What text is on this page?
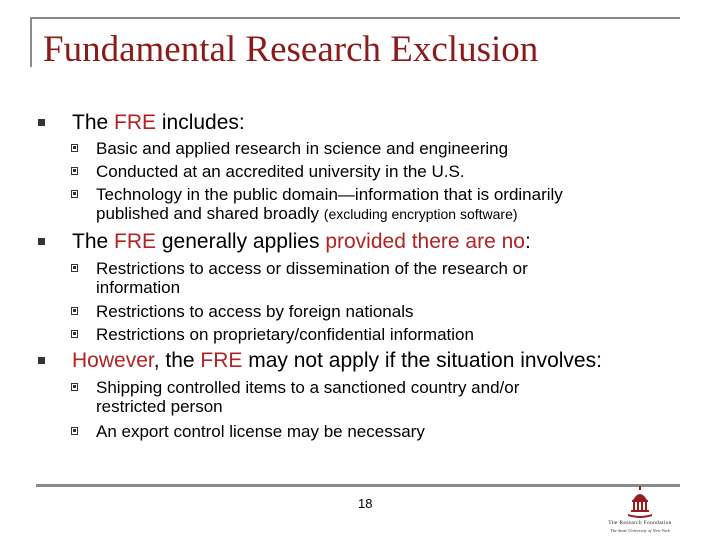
Fundamental Research Exclusion
The FRE includes:
Basic and applied research in science and engineering
Conducted at an accredited university in the U.S.
Technology in the public domain—information that is ordinarily
published and shared broadly (excluding encryption software)
The FRE generally applies provided there are no:
Restrictions to access or dissemination of the research or
information
Restrictions to access by foreign nationals
Restrictions on proprietary/confidential information
However, the FRE may not apply if the situation involves:
Shipping controlled items to a sanctioned country and/or
restricted person
An export control license may be necessary
18
The Research Foundation
The State University of New York
